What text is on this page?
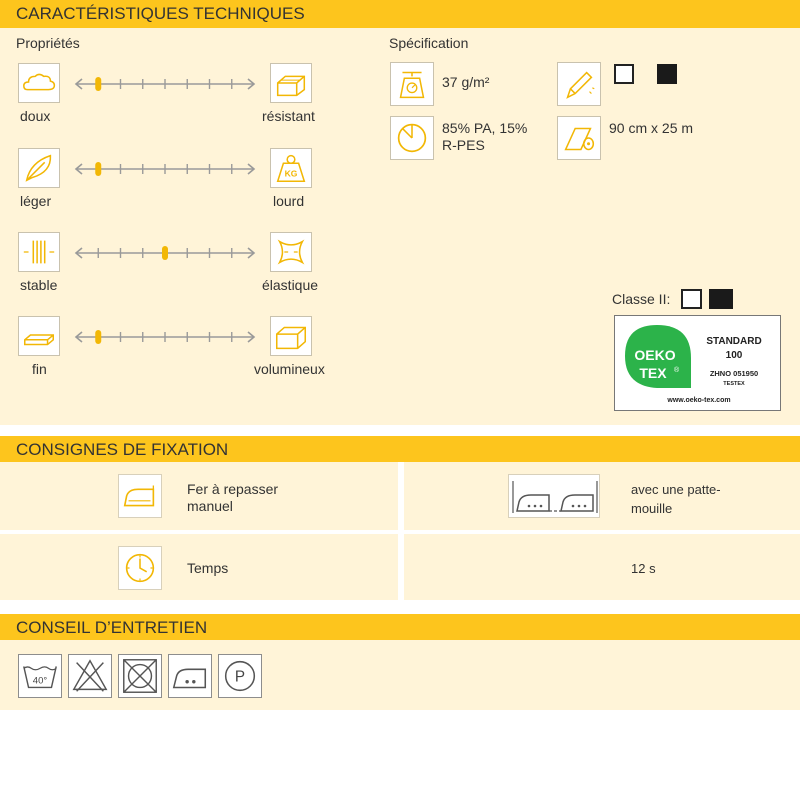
CARACTÉRISTIQUES TECHNIQUES
Propriétés	Spécification
doux	résistant
KG
léger	lourd
stable	élastique
fin	volumineux
37 g/m²
85% PA, 15%
R-PES
90 cm x 25 m
Classe II:
OEKO
TEX ®
STANDARD
100
ZHNO 051950
TESTEX
www.oeko-tex.com
CONSIGNES DE FIXATION
Fer à repasser
manuel
avec une patte-
mouille
Temps	12 s
CONSEIL D’ENTRETIEN
40°	P
